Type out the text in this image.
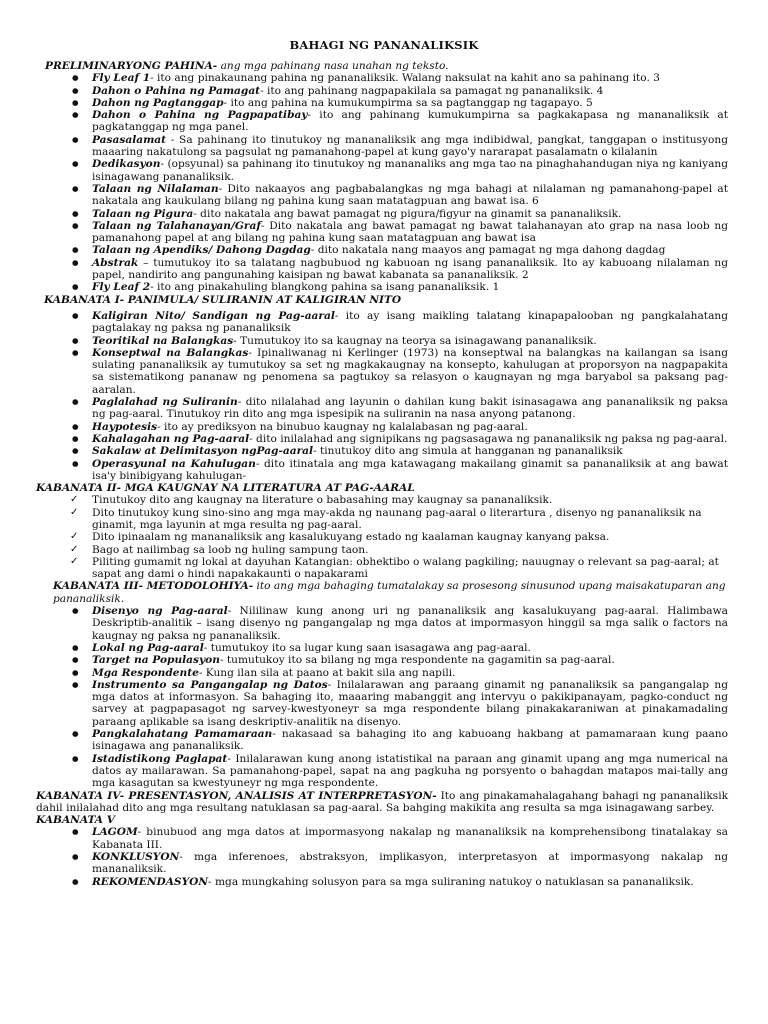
BAHAGI NG PANANALIKSIK

PRELIMINARYONG PAHINA- ang mga pahinang nasa unahan ng teksto.

● Fly Leaf 1- ito ang pinakaunang pahina ng pananaliksik. Walang naksulat na kahit ano sa pahinang ito. 3
● Dahon o Pahina ng Pamagat- ito ang pahinang nagpapakilala sa pamagat ng pananaliksik. 4
● Dahon ng Pagtanggap- ito ang pahina na kumukumpirma sa sa pagtanggap ng tagapayo. 5
● Dahon o Pahina ng Pagpapatibay- ito ang pahinang kumukumpirna sa pagkakapasa ng mananaliksik at pagkatanggap ng mga panel.
● Pasasalamat - Sa pahinang ito tinutukoy ng mananaliksik ang mga indibidwal, pangkat, tanggapan o institusyong maaaring nakatulong sa pagsulat ng pamanahong-papel at kung gayo'y nararapat pasalamatn o kilalanin
● Dedikasyon- (opsyunal) sa pahinang ito tinutukoy ng mananaliks ang mga tao na pinaghahandugan niya ng kaniyang isinagawang pananaliksik.
● Talaan ng Nilalaman- Dito nakaayos ang pagbabalangkas ng mga bahagi at nilalaman ng pamanahong-papel at nakatala ang kaukulang bilang ng pahina kung saan matatagpuan ang bawat isa. 6
● Talaan ng Pigura- dito nakatala ang bawat pamagat ng pigura/figyur na ginamit sa pananaliksik.
● Talaan ng Talahanayan/Graf- Dito nakatala ang bawat pamagat ng bawat talahanayan ato grap na nasa loob ng pamanahong papel at ang bilang ng pahina kung saan matatagpuan ang bawat isa
● Talaan ng Apendiks/ Dahong Dagdag- dito nakatala nang maayos ang pamagat ng mga dahong dagdag
● Abstrak – tumutukoy ito sa talatang nagbubuod ng kabuoan ng isang pananaliksik. Ito ay kabuoang nilalaman ng papel, nandirito ang pangunahing kaisipan ng bawat kabanata sa pananaliksik. 2
● Fly Leaf 2- ito ang pinakahuling blangkong pahina sa isang pananaliksik. 1

KABANATA I- PANIMULA/ SULIRANIN AT KALIGIRAN NITO

● Kaligiran Nito/ Sandigan ng Pag-aaral- ito ay isang maikling talatang kinapapalooban ng pangkalahatang pagtalakay ng paksa ng pananaliksik
● Teoritikal na Balangkas- Tumutukoy ito sa kaugnay na teorya sa isinagawang pananaliksik.
● Konseptwal na Balangkas- Ipinaliwanag ni Kerlinger (1973) na konseptwal na balangkas na kailangan sa isang sulating pananaliksik ay tumutukoy sa set ng magkakaugnay na konsepto, kahulugan at proporsyon na nagpapakita sa sistematikong pananaw ng penomena sa pagtukoy sa relasyon o kaugnayan ng mga baryabol sa paksang pag-aaralan.
● Paglalahad ng Suliranin- dito nilalahad ang layunin o dahilan kung bakit isinasagawa ang pananaliksik ng paksa ng pag-aaral. Tinutukoy rin dito ang mga ispesipik na suliranin na nasa anyong patanong.
● Haypotesis- ito ay prediksyon na binubuo kaugnay ng kalalabasan ng pag-aaral.
● Kahalagahan ng Pag-aaral- dito inilalahad ang signipikans ng pagsasagawa ng pananaliksik ng paksa ng pag-aaral.
● Sakalaw at Delimitasyon ngPag-aaral- tinutukoy dito ang simula at hangganan ng pananaliksik
● Operasyunal na Kahulugan- dito itinatala ang mga katawagang makailang ginamit sa pananaliksik at ang bawat isa'y binibigyang kahulugan-

KABANATA II- MGA KAUGNAY NA LITERATURA AT PAG-AARAL

✓ Tinutukoy dito ang kaugnay na literature o babasahing may kaugnay sa pananaliksik.
✓ Dito tinutukoy kung sino-sino ang mga may-akda ng naunang pag-aaral o literartura , disenyo ng pananaliksik na ginamit, mga layunin at mga resulta ng pag-aaral.
✓ Dito ipinaalam ng mananaliksik ang kasalukuyang estado ng kaalaman kaugnay kanyang paksa.
✓ Bago at nailimbag sa loob ng huling sampung taon.
✓ Piliting gumamit ng lokal at dayuhan Katangian: obhektibo o walang pagkiling; nauugnay o relevant sa pag-aaral; at sapat ang dami o hindi napakakaunti o napakarami

KABANATA III- METODOLOHIYA- ito ang mga bahaging tumatalakay sa prosesong sinusunod upang maisakatuparan ang pananaliksik.

● Disenyo ng Pag-aaral- Nililinaw kung anong uri ng pananaliksik ang kasalukuyang pag-aaral. Halimbawa Deskriptib-analitik – isang disenyo ng pangangalap ng mga datos at impormasyon hinggil sa mga salik o factors na kaugnay ng paksa ng pananaliksik.
● Lokal ng Pag-aaral- tumutukoy ito sa lugar kung saan isasagawa ang pag-aaral.
● Target na Populasyon- tumutukoy ito sa bilang ng mga respondente na gagamitin sa pag-aaral.
● Mga Respondente- Kung ilan sila at paano at bakit sila ang napili.
● Instrumento sa Pangangalap ng Datos- Inilalarawan ang paraang ginamit ng pananaliksik sa pangangalap ng mga datos at informasyon. Sa bahaging ito, maaaring mabanggit ang intervyu o pakikipanayam, pagko-conduct ng sarvey at pagpapasagot ng sarvey-kwestyoneyr sa mga respondente bilang pinakakaraniwan at pinakamadaling paraang aplikable sa isang deskriptiv-analitik na disenyo.
● Pangkalahatang Pamamaraan- nakasaad sa bahaging ito ang kabuoang hakbang at pamamaraan kung paano isinagawa ang pananaliksik.
● Istadistikong Paglapat- Inilalarawan kung anong istatistikal na paraan ang ginamit upang ang mga numerical na datos ay mailarawan. Sa pamanahong-papel, sapat na ang pagkuha ng porsyento o bahagdan matapos mai-tally ang mga kasagutan sa kwestyuneyr ng mga respondente.

KABANATA IV- PRESENTASYON, ANALISIS AT INTERPRETASYON- Ito ang pinakamahalagahang bahagi ng pananaliksik dahil inilalahad dito ang mga resultang natuklasan sa pag-aaral. Sa bahging makikita ang resulta sa mga isinagawang sarbey.

KABANATA V

● LAGOM- binubuod ang mga datos at impormasyong nakalap ng mananaliksik na komprehensibong tinatalakay sa Kabanata III.
● KONKLUSYON- mga inferenoes, abstraksyon, implikasyon, interpretasyon at impormasyong nakalap ng mananaliksik.
● REKOMENDASYON- mga mungkahing solusyon para sa mga suliraning natukoy o natuklasan sa pananaliksik.
